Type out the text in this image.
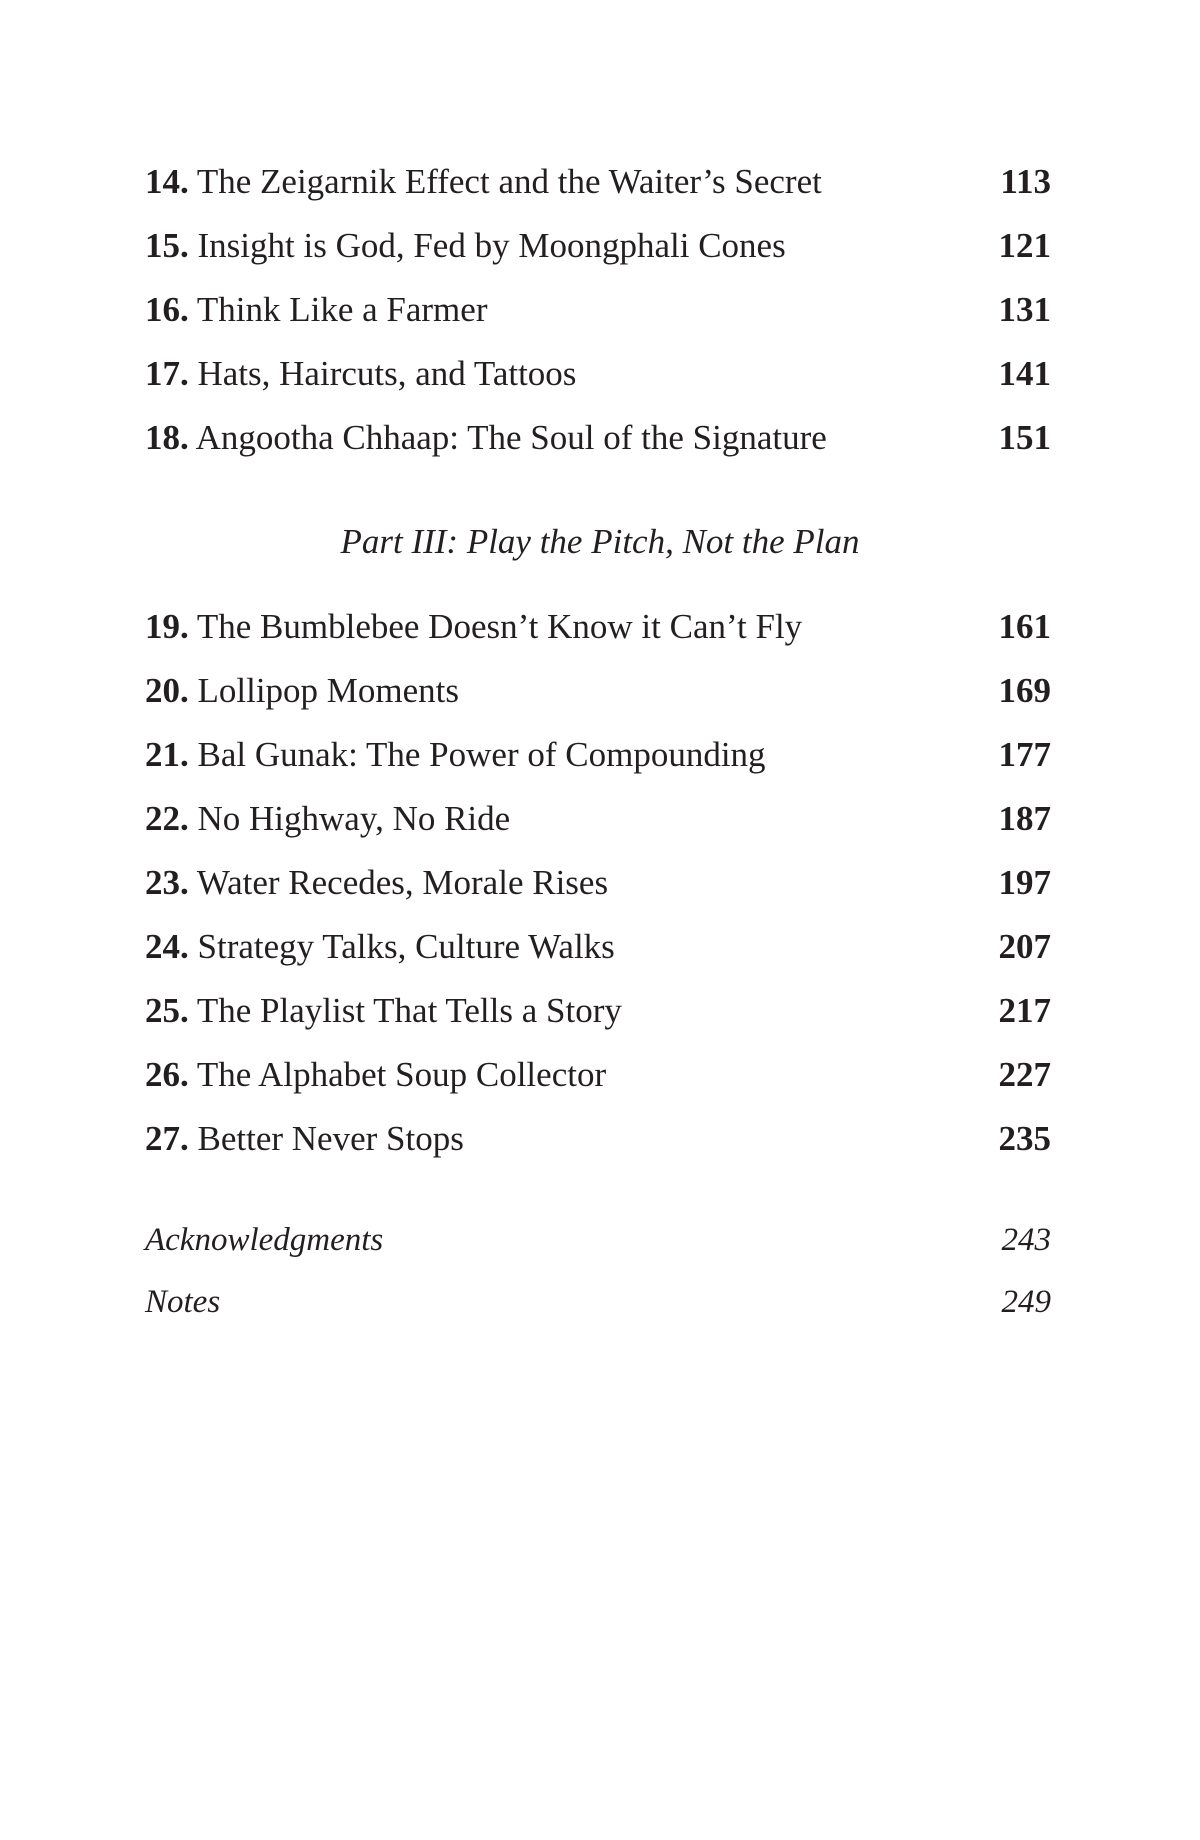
14. The Zeigarnik Effect and the Waiter’s Secret	113
15. Insight is God, Fed by Moongphali Cones	121
16. Think Like a Farmer	131
17. Hats, Haircuts, and Tattoos	141
18. Angootha Chhaap: The Soul of the Signature	151
Part III: Play the Pitch, Not the Plan
19. The Bumblebee Doesn’t Know it Can’t Fly	161
20. Lollipop Moments	169
21. Bal Gunak: The Power of Compounding	177
22. No Highway, No Ride	187
23. Water Recedes, Morale Rises	197
24. Strategy Talks, Culture Walks	207
25. The Playlist That Tells a Story	217
26. The Alphabet Soup Collector	227
27. Better Never Stops	235
Acknowledgments	243
Notes	249
